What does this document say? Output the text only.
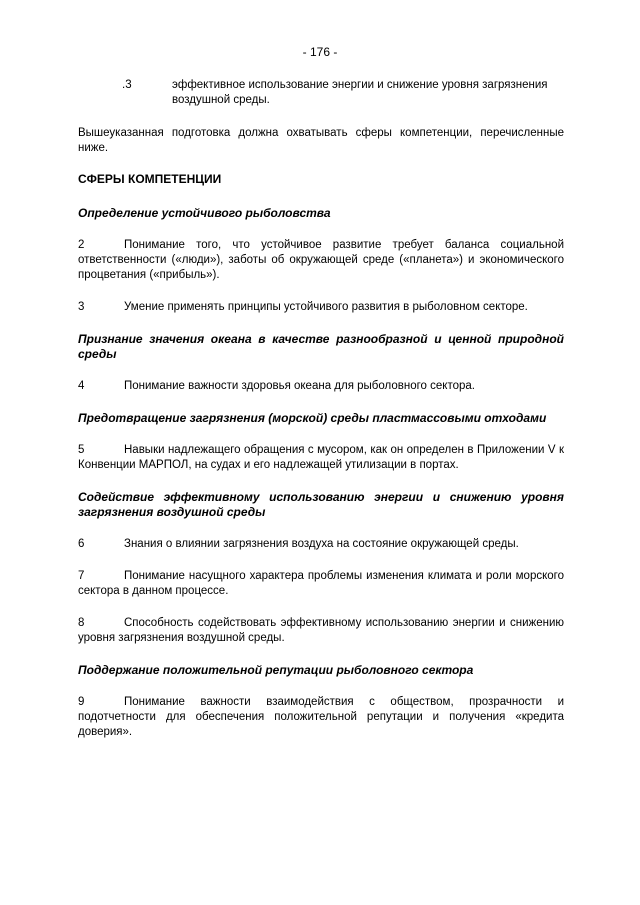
- 176 -
.3	эффективное использование энергии и снижение уровня загрязнения воздушной среды.

Вышеуказанная подготовка должна охватывать сферы компетенции, перечисленные ниже.

СФЕРЫ КОМПЕТЕНЦИИ
Определение устойчивого рыболовства
2	Понимание того, что устойчивое развитие требует баланса социальной ответственности («люди»), заботы об окружающей среде («планета») и экономического процветания («прибыль»).
3	Умение применять принципы устойчивого развития в рыболовном секторе.
Признание значения океана в качестве разнообразной и ценной природной среды
4	Понимание важности здоровья океана для рыболовного сектора.
Предотвращение загрязнения (морской) среды пластмассовыми отходами
5	Навыки надлежащего обращения с мусором, как он определен в Приложении V к Конвенции МАРПОЛ, на судах и его надлежащей утилизации в портах.
Содействие эффективному использованию энергии и снижению уровня загрязнения воздушной среды
6	Знания о влиянии загрязнения воздуха на состояние окружающей среды.
7	Понимание насущного характера проблемы изменения климата и роли морского сектора в данном процессе.
8	Способность содействовать эффективному использованию энергии и снижению уровня загрязнения воздушной среды.
Поддержание положительной репутации рыболовного сектора
9	Понимание важности взаимодействия с обществом, прозрачности и подотчетности для обеспечения положительной репутации и получения «кредита доверия».
